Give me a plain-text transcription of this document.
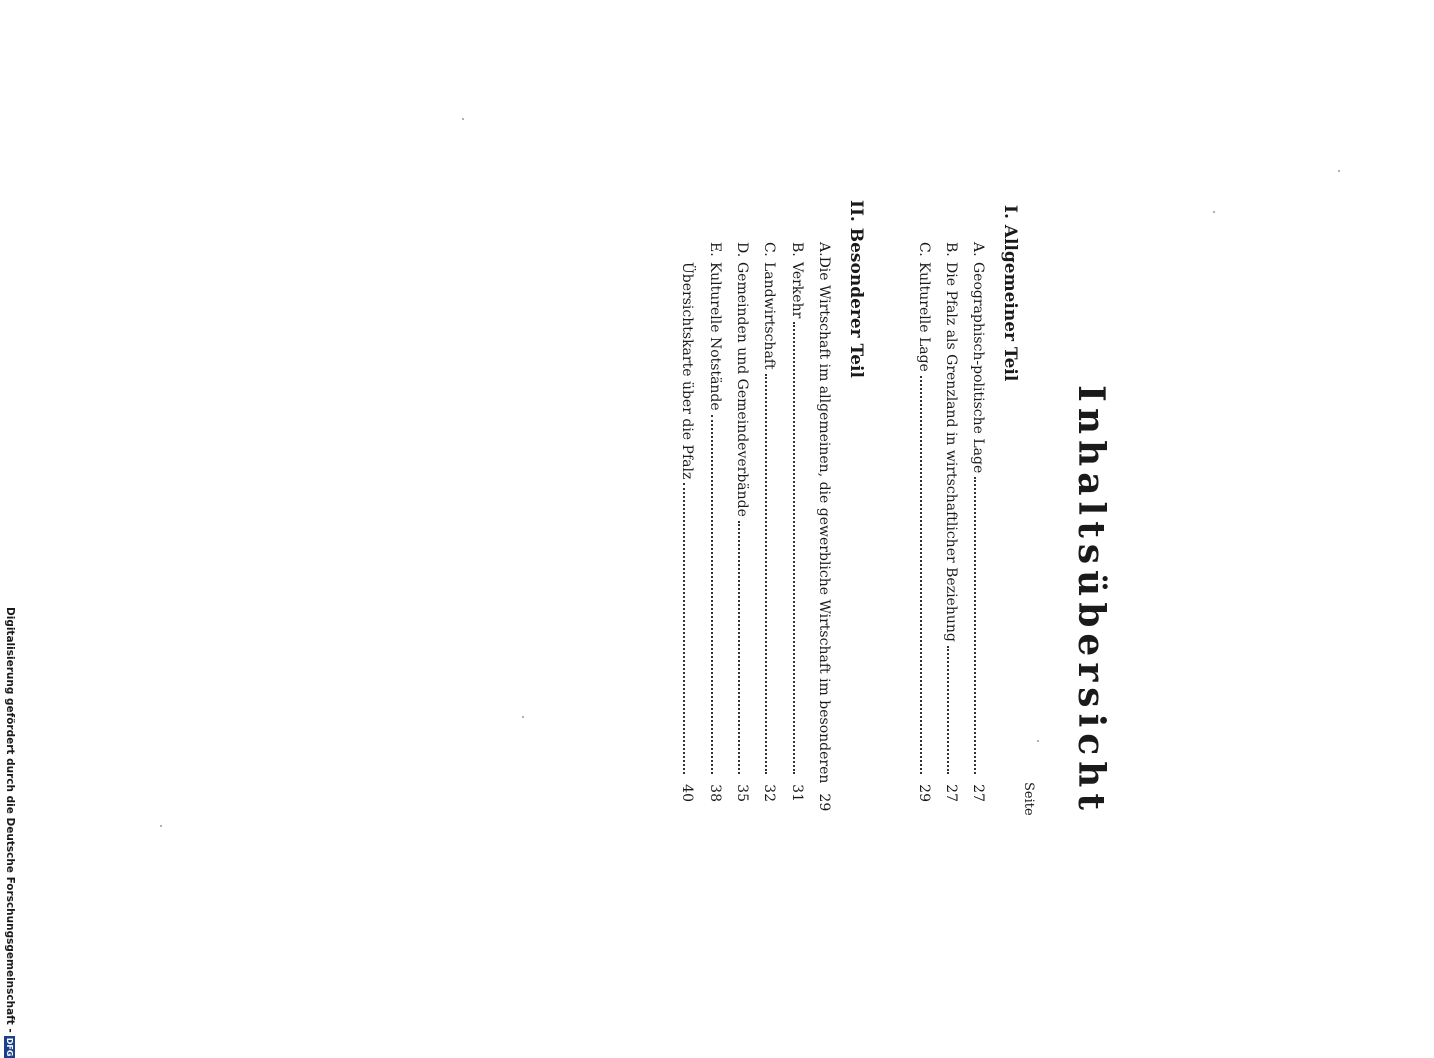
Inhaltsübersicht
Seite
I. Allgemeiner Teil
A.
Geographisch-politische Lage
27
B.
Die Pfalz als Grenzland in wirtschaftlicher Beziehung
27
C.
Kulturelle Lage
29
II. Besonderer Teil
A.
Die Wirtschaft im allgemeinen, die gewerbliche Wirtschaft im besonderen
29
B.
Verkehr
31
C.
Landwirtschaft
32
D.
Gemeinden und Gemeindeverbände
35
E.
Kulturelle Notstände
38
Übersichtskarte über die Pfalz
40
Digitalisierung gefördert durch die Deutsche Forschungsgemeinschaft -DFG
